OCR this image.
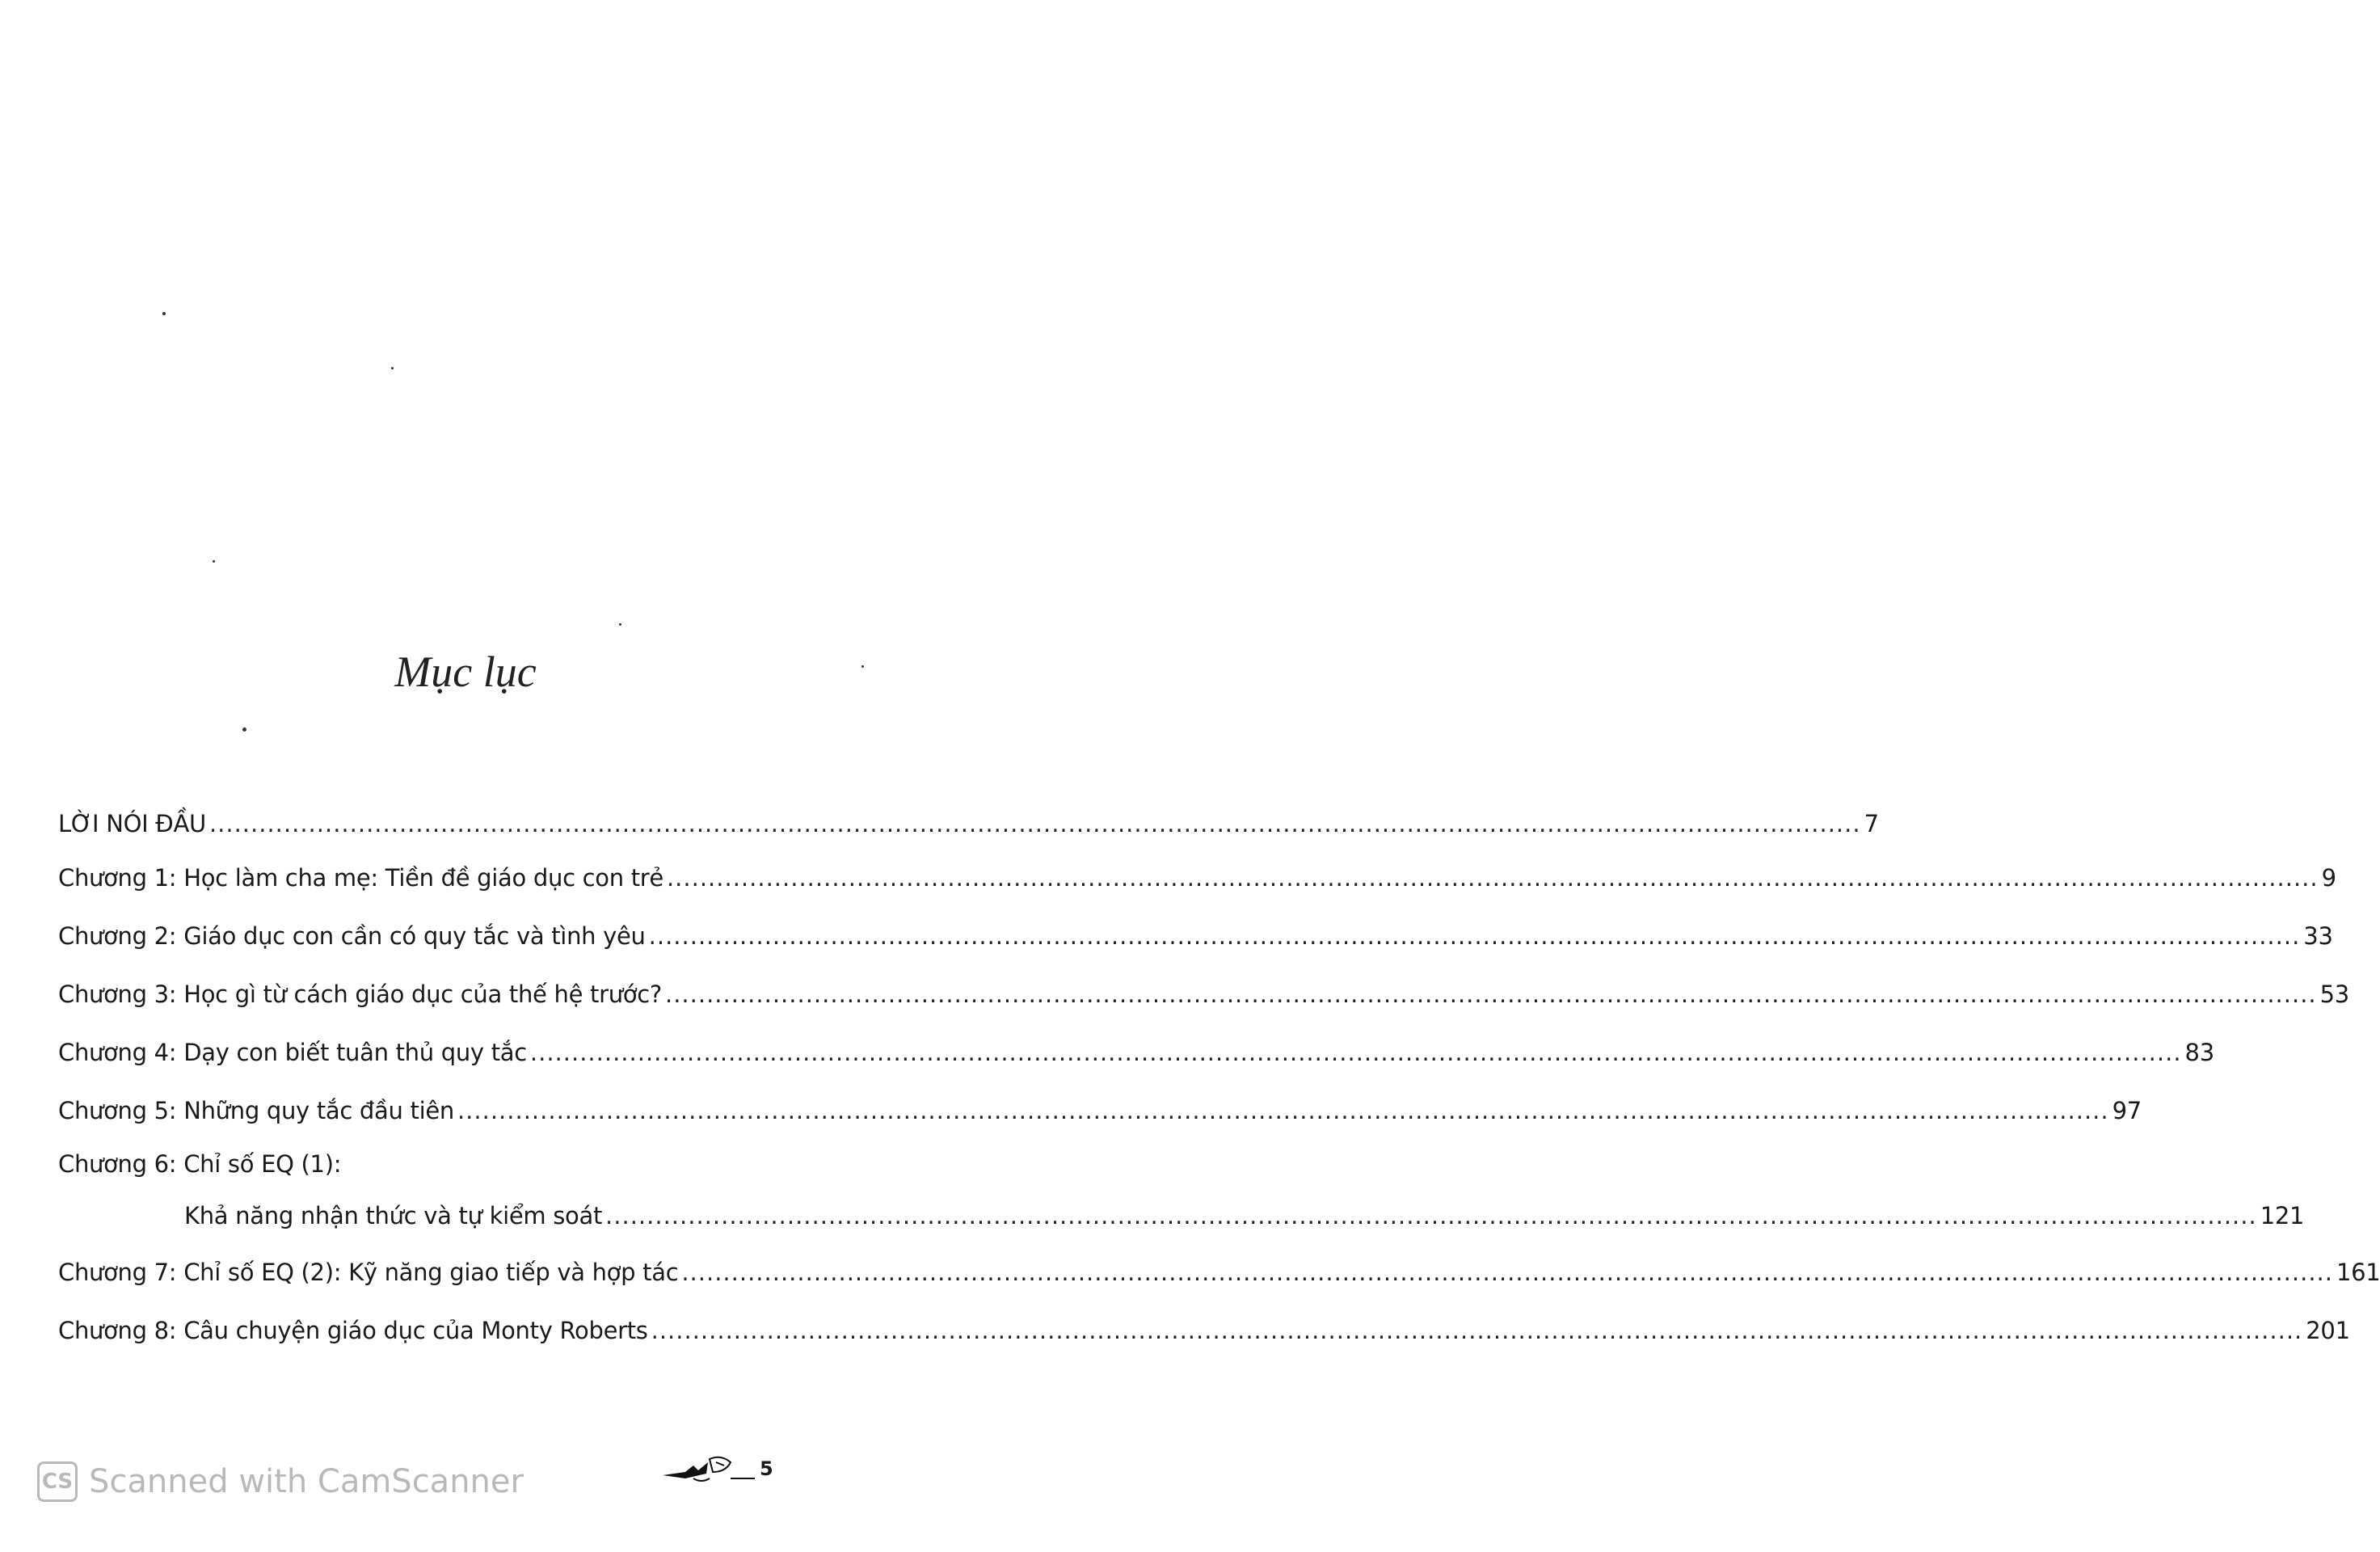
Mục lục
LỜI NÓI ĐẦU ........................................................................................................................................................................................................ 7
Chương 1: Học làm cha mẹ: Tiền đề giáo dục con trẻ ........................................................................................................................................................................................................ 9
Chương 2: Giáo dục con cần có quy tắc và tình yêu ........................................................................................................................................................................................................ 33
Chương 3: Học gì từ cách giáo dục của thế hệ trước? ........................................................................................................................................................................................................ 53
Chương 4: Dạy con biết tuân thủ quy tắc ........................................................................................................................................................................................................ 83
Chương 5: Những quy tắc đầu tiên ........................................................................................................................................................................................................ 97
Chương 6: Chỉ số EQ (1):
Khả năng nhận thức và tự kiểm soát ........................................................................................................................................................................................................ 121
Chương 7: Chỉ số EQ (2): Kỹ năng giao tiếp và hợp tác ........................................................................................................................................................................................................ 161
Chương 8: Câu chuyện giáo dục của Monty Roberts ........................................................................................................................................................................................................ 201
5
CS Scanned with CamScanner
